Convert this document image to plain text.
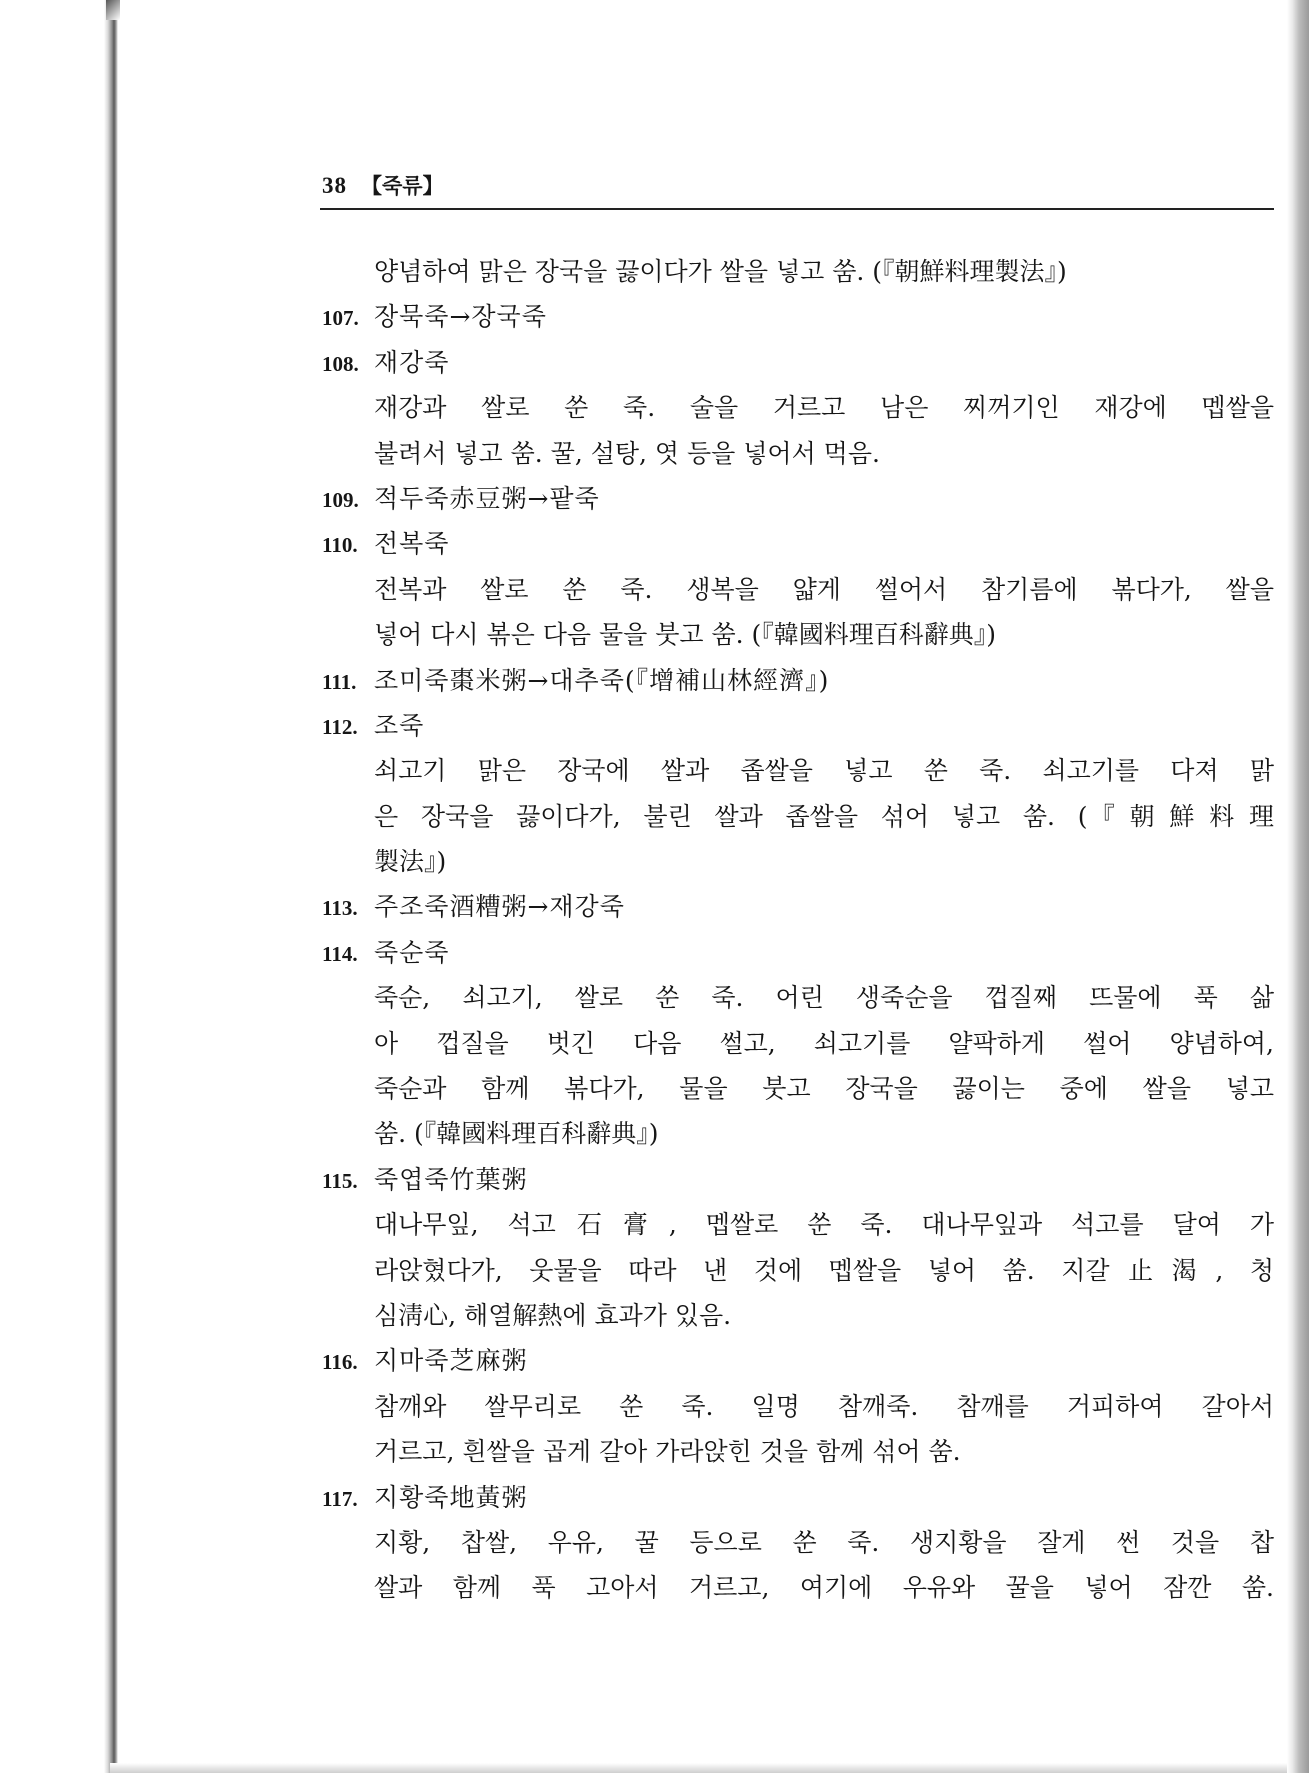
38 【죽류】
양념하여 맑은 장국을 끓이다가 쌀을 넣고 쑴. (『朝鮮料理製法』)
107. 장묵죽→장국죽
108. 재강죽
재강과 쌀로 쑨 죽. 술을 거르고 남은 찌꺼기인 재강에 멥쌀을
불려서 넣고 쑴. 꿀, 설탕, 엿 등을 넣어서 먹음.
109. 적두죽赤豆粥→팥죽
110. 전복죽
전복과 쌀로 쑨 죽. 생복을 얇게 썰어서 참기름에 볶다가, 쌀을
넣어 다시 볶은 다음 물을 붓고 쑴. (『韓國料理百科辭典』)
111. 조미죽棗米粥→대추죽(『增補山林經濟』)
112. 조죽
쇠고기 맑은 장국에 쌀과 좁쌀을 넣고 쑨 죽. 쇠고기를 다져 맑
은 장국을 끓이다가, 불린 쌀과 좁쌀을 섞어 넣고 쑴. (『朝鮮料理
製法』)
113. 주조죽酒糟粥→재강죽
114. 죽순죽
죽순, 쇠고기, 쌀로 쑨 죽. 어린 생죽순을 껍질째 뜨물에 푹 삶
아 껍질을 벗긴 다음 썰고, 쇠고기를 얄팍하게 썰어 양념하여,
죽순과 함께 볶다가, 물을 붓고 장국을 끓이는 중에 쌀을 넣고
쑴. (『韓國料理百科辭典』)
115. 죽엽죽竹葉粥
대나무잎, 석고石膏, 멥쌀로 쑨 죽. 대나무잎과 석고를 달여 가
라앉혔다가, 웃물을 따라 낸 것에 멥쌀을 넣어 쑴. 지갈止渴, 청
심淸心, 해열解熱에 효과가 있음.
116. 지마죽芝麻粥
참깨와 쌀무리로 쑨 죽. 일명 참깨죽. 참깨를 거피하여 갈아서
거르고, 흰쌀을 곱게 갈아 가라앉힌 것을 함께 섞어 쑴.
117. 지황죽地黃粥
지황, 찹쌀, 우유, 꿀 등으로 쑨 죽. 생지황을 잘게 썬 것을 찹
쌀과 함께 푹 고아서 거르고, 여기에 우유와 꿀을 넣어 잠깐 쑴.
